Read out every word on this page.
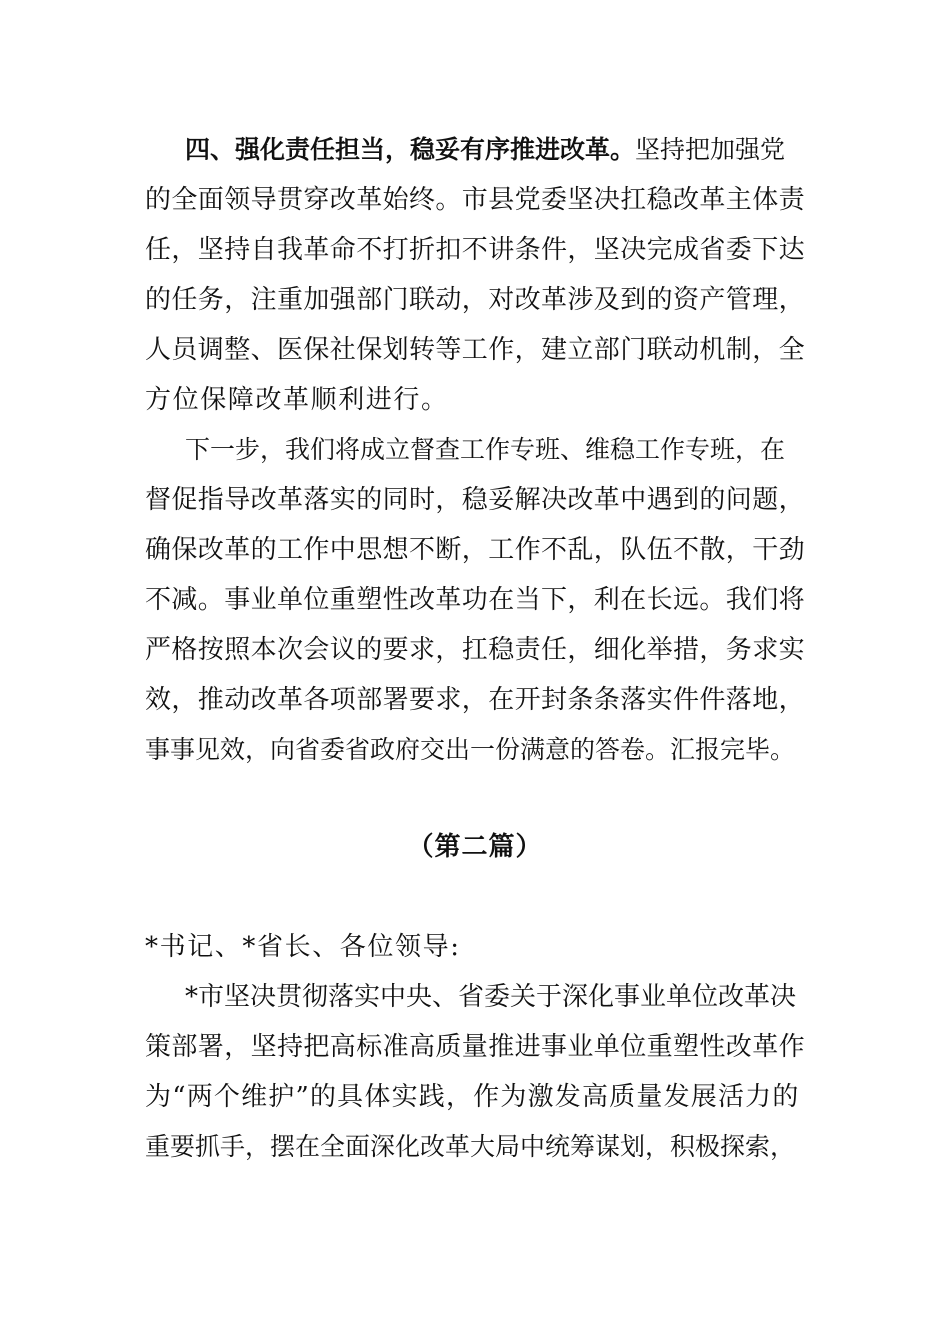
四、强化责任担当，稳妥有序推进改革。坚持把加强党
的全面领导贯穿改革始终。市县党委坚决扛稳改革主体责
任，坚持自我革命不打折扣不讲条件，坚决完成省委下达
的任务，注重加强部门联动，对改革涉及到的资产管理，
人员调整、医保社保划转等工作，建立部门联动机制，全
方位保障改革顺利进行。
下一步，我们将成立督查工作专班、维稳工作专班，在
督促指导改革落实的同时，稳妥解决改革中遇到的问题，
确保改革的工作中思想不断，工作不乱，队伍不散，干劲
不减。事业单位重塑性改革功在当下，利在长远。我们将
严格按照本次会议的要求，扛稳责任，细化举措，务求实
效，推动改革各项部署要求，在开封条条落实件件落地，
事事见效，向省委省政府交出一份满意的答卷。汇报完毕。
（第二篇）
*书记、*省长、各位领导:
*市坚决贯彻落实中央、省委关于深化事业单位改革决
策部署，坚持把高标准高质量推进事业单位重塑性改革作
为“两个维护”的具体实践，作为激发高质量发展活力的
重要抓手，摆在全面深化改革大局中统筹谋划，积极探索，
